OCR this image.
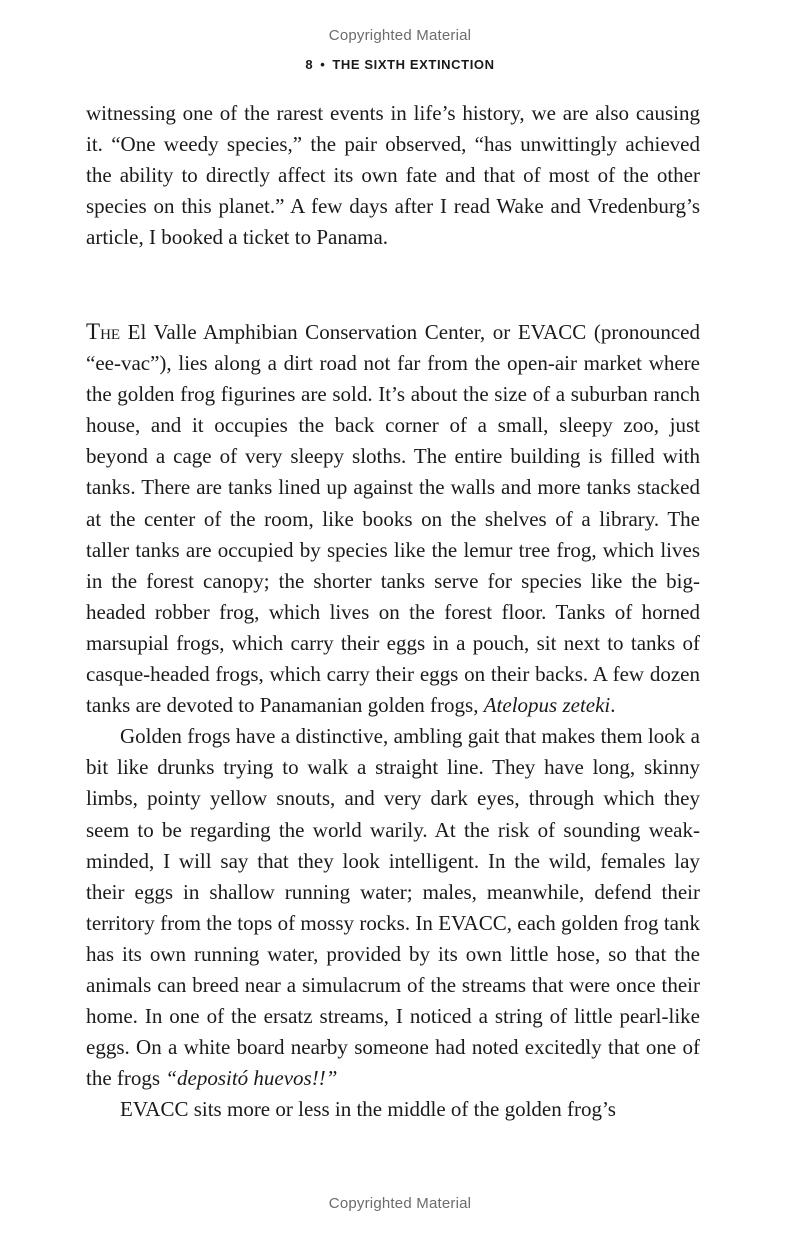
Copyrighted Material
8 • THE SIXTH EXTINCTION

witnessing one of the rarest events in life’s history, we are also causing it. “One weedy species,” the pair observed, “has unwittingly achieved the ability to directly affect its own fate and that of most of the other species on this planet.” A few days after I read Wake and Vredenburg’s article, I booked a ticket to Panama.

The El Valle Amphibian Conservation Center, or EVACC (pronounced “ee-vac”), lies along a dirt road not far from the open-air market where the golden frog figurines are sold. It’s about the size of a suburban ranch house, and it occupies the back corner of a small, sleepy zoo, just beyond a cage of very sleepy sloths. The entire building is filled with tanks. There are tanks lined up against the walls and more tanks stacked at the center of the room, like books on the shelves of a library. The taller tanks are occupied by species like the lemur tree frog, which lives in the forest canopy; the shorter tanks serve for species like the big-headed robber frog, which lives on the forest floor. Tanks of horned marsupial frogs, which carry their eggs in a pouch, sit next to tanks of casque-headed frogs, which carry their eggs on their backs. A few dozen tanks are devoted to Panamanian golden frogs, Atelopus zeteki.

Golden frogs have a distinctive, ambling gait that makes them look a bit like drunks trying to walk a straight line. They have long, skinny limbs, pointy yellow snouts, and very dark eyes, through which they seem to be regarding the world warily. At the risk of sounding weak-minded, I will say that they look intelligent. In the wild, females lay their eggs in shallow running water; males, meanwhile, defend their territory from the tops of mossy rocks. In EVACC, each golden frog tank has its own running water, provided by its own little hose, so that the animals can breed near a simulacrum of the streams that were once their home. In one of the ersatz streams, I noticed a string of little pearl-like eggs. On a white board nearby someone had noted excitedly that one of the frogs “depositó huevos!!”

EVACC sits more or less in the middle of the golden frog’s

Copyrighted Material
